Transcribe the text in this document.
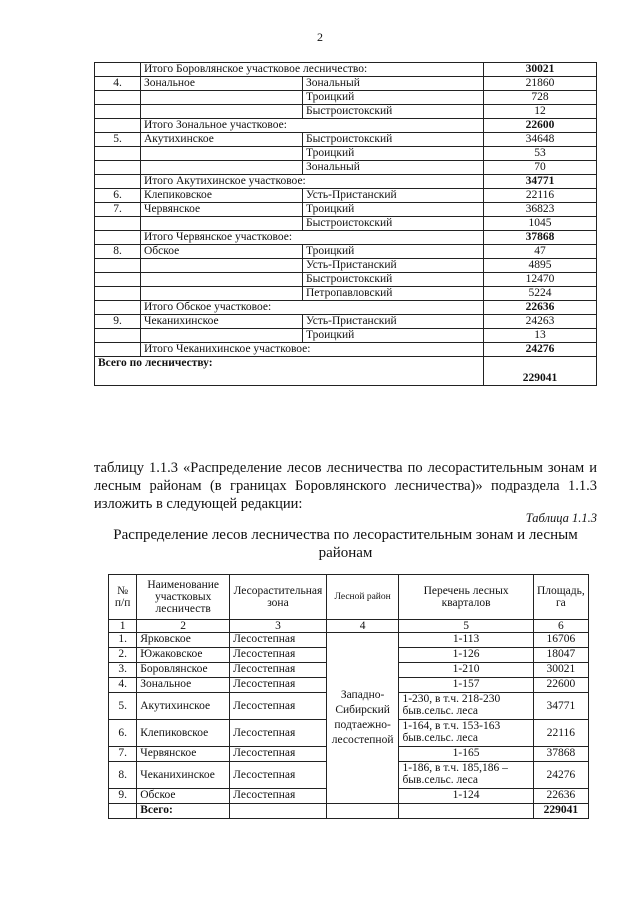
2
	Итого Боровлянское участковое лесничество:		30021
4.	Зональное	Зональный	21860
		Троицкий	728
		Быстроистокский	12
	Итого Зональное участковое:		22600
5.	Акутихинское	Быстроистокский	34648
		Троицкий	53
		Зональный	70
	Итого Акутихинское участковое:		34771
6.	Клепиковское	Усть-Пристанский	22116
7.	Червянское	Троицкий	36823
		Быстроистокский	1045
	Итого Червянское участковое:		37868
8.	Обское	Троицкий	47
		Усть-Пристанский	4895
		Быстроистокский	12470
		Петропавловский	5224
	Итого Обское участковое:		22636
9.	Чеканихинское	Усть-Пристанский	24263
		Троицкий	13
	Итого Чеканихинское участковое:		24276
Всего по лесничеству:			229041
таблицу 1.1.3 «Распределение лесов лесничества по лесорастительным зонам и лесным районам (в границах Боровлянского лесничества)» подраздела 1.1.3 изложить в следующей редакции:
Таблица 1.1.3
Распределение лесов лесничества по лесорастительным зонам и лесным районам
№ п/п	Наименование участковых лесничеств	Лесорастительная зона	Лесной район	Перечень лесных кварталов	Площадь, га
1	2	3	4	5	6
1.	Ярковское	Лесостепная	Западно-Сибирский подтаежно-лесостепной	1-113	16706
2.	Южаковское	Лесостепная		1-126	18047
3.	Боровлянское	Лесостепная		1-210	30021
4.	Зональное	Лесостепная		1-157	22600
5.	Акутихинское	Лесостепная		1-230, в т.ч. 218-230 быв.сельс. леса	34771
6.	Клепиковское	Лесостепная		1-164, в т.ч. 153-163 быв.сельс. леса	22116
7.	Червянское	Лесостепная		1-165	37868
8.	Чеканихинское	Лесостепная		1-186, в т.ч. 185,186 – быв.сельс. леса	24276
9.	Обское	Лесостепная		1-124	22636
	Всего:				229041
